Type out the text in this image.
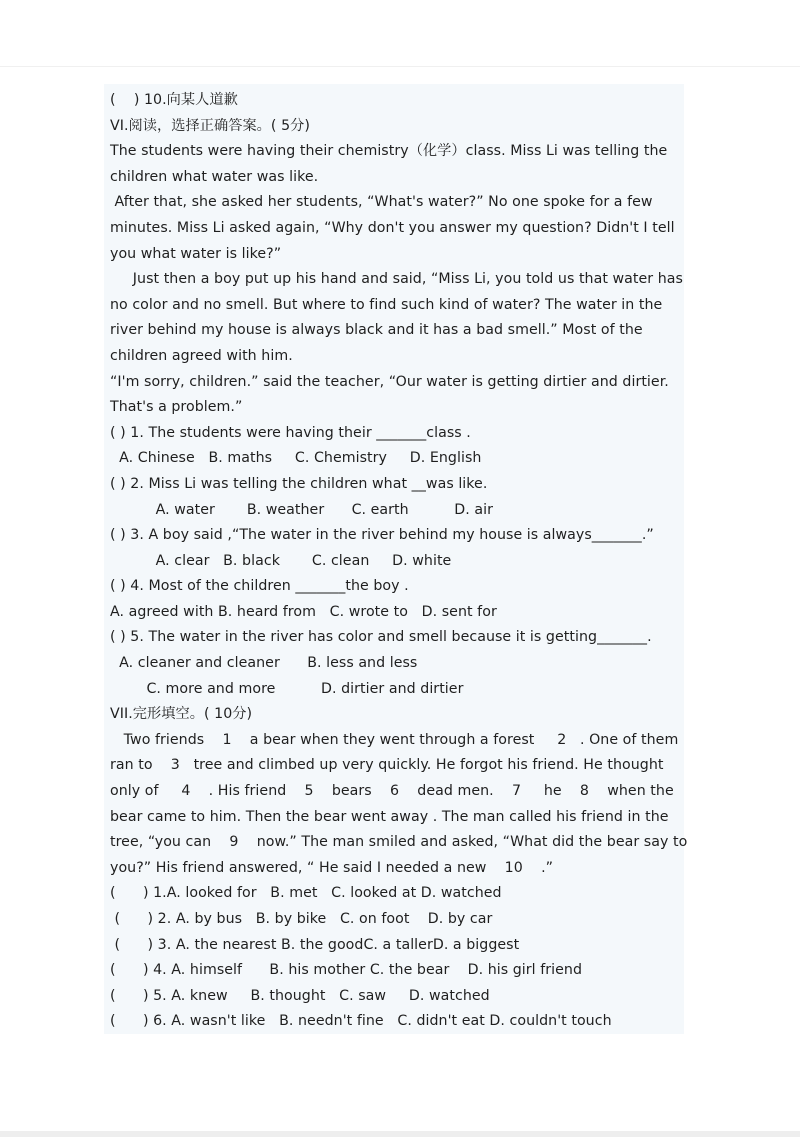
(    ) 10.向某人道歉
VI.阅读，选择正确答案。( 5分)
The students were having their chemistry（化学）class. Miss Li was telling the
children what water was like.
After that, she asked her students, “What's water?” No one spoke for a few
minutes. Miss Li asked again, “Why don't you answer my question? Didn't I tell
you what water is like?”
Just then a boy put up his hand and said, “Miss Li, you told us that water has
no color and no smell. But where to find such kind of water? The water in the
river behind my house is always black and it has a bad smell.” Most of the
children agreed with him.
“I'm sorry, children.” said the teacher, “Our water is getting dirtier and dirtier.
That's a problem.”
( ) 1. The students were having their _______class .
A. Chinese   B. maths     C. Chemistry     D. English
( ) 2. Miss Li was telling the children what __was like.
A. water       B. weather      C. earth          D. air
( ) 3. A boy said ,“The water in the river behind my house is always_______.”
A. clear   B. black       C. clean     D. white
( ) 4. Most of the children _______the boy .
A. agreed with B. heard from   C. wrote to   D. sent for
( ) 5. The water in the river has color and smell because it is getting_______.
A. cleaner and cleaner      B. less and less
C. more and more          D. dirtier and dirtier
VII.完形填空。( 10分)
Two friends    1    a bear when they went through a forest     2   . One of them
ran to    3   tree and climbed up very quickly. He forgot his friend. He thought
only of     4    . His friend    5    bears    6    dead men.    7     he    8    when the
bear came to him. Then the bear went away . The man called his friend in the
tree, “you can    9    now.” The man smiled and asked, “What did the bear say to
you?” His friend answered, “ He said I needed a new    10    .”
(      ) 1.A. looked for   B. met   C. looked at D. watched
(      ) 2. A. by bus   B. by bike   C. on foot    D. by car
(      ) 3. A. the nearest B. the goodC. a tallerD. a biggest
(      ) 4. A. himself      B. his mother C. the bear    D. his girl friend
(      ) 5. A. knew     B. thought   C. saw     D. watched
(      ) 6. A. wasn't like   B. needn't fine   C. didn't eat D. couldn't touch
